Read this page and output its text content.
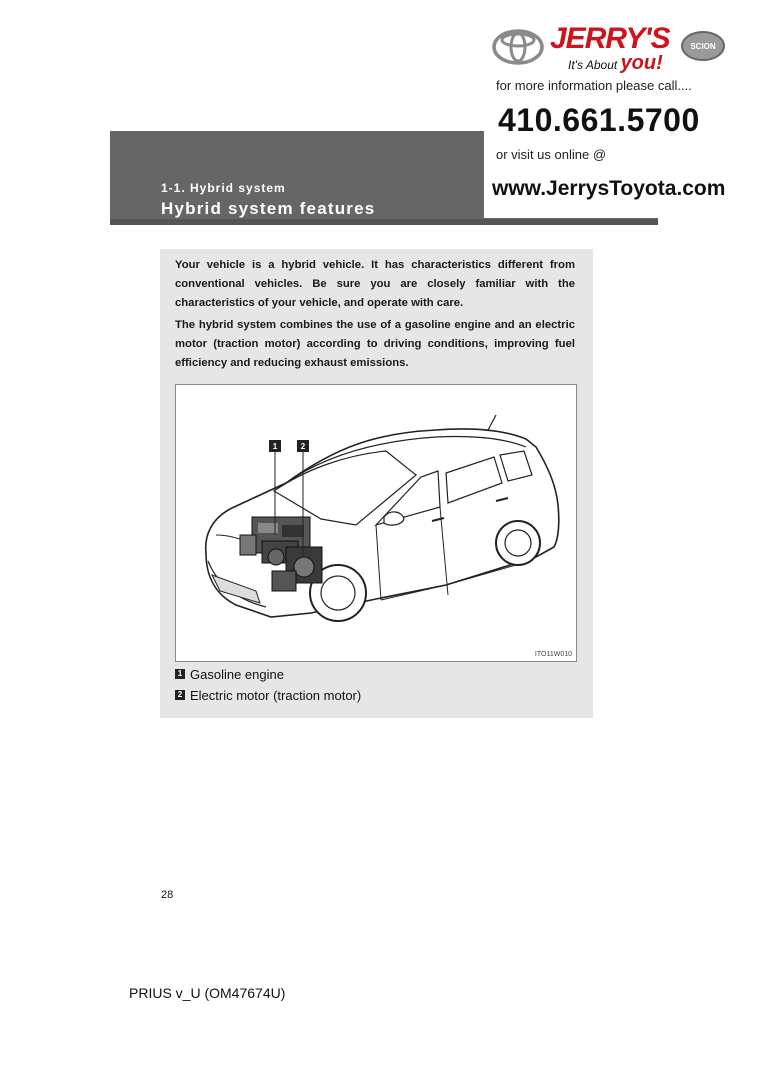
1-1. Hybrid system
Hybrid system features
JERRY'S
It's About you!
SCION
for more information please call....
410.661.5700
or visit us online @
www.JerrysToyota.com
Your vehicle is a hybrid vehicle. It has characteristics different from conventional vehicles. Be sure you are closely familiar with the characteristics of your vehicle, and operate with care.
The hybrid system combines the use of a gasoline engine and an electric motor (traction motor) according to driving conditions, improving fuel efficiency and reducing exhaust emissions.
1	2
ITO11W010
1 Gasoline engine
2 Electric motor (traction motor)
28
PRIUS v_U (OM47674U)
